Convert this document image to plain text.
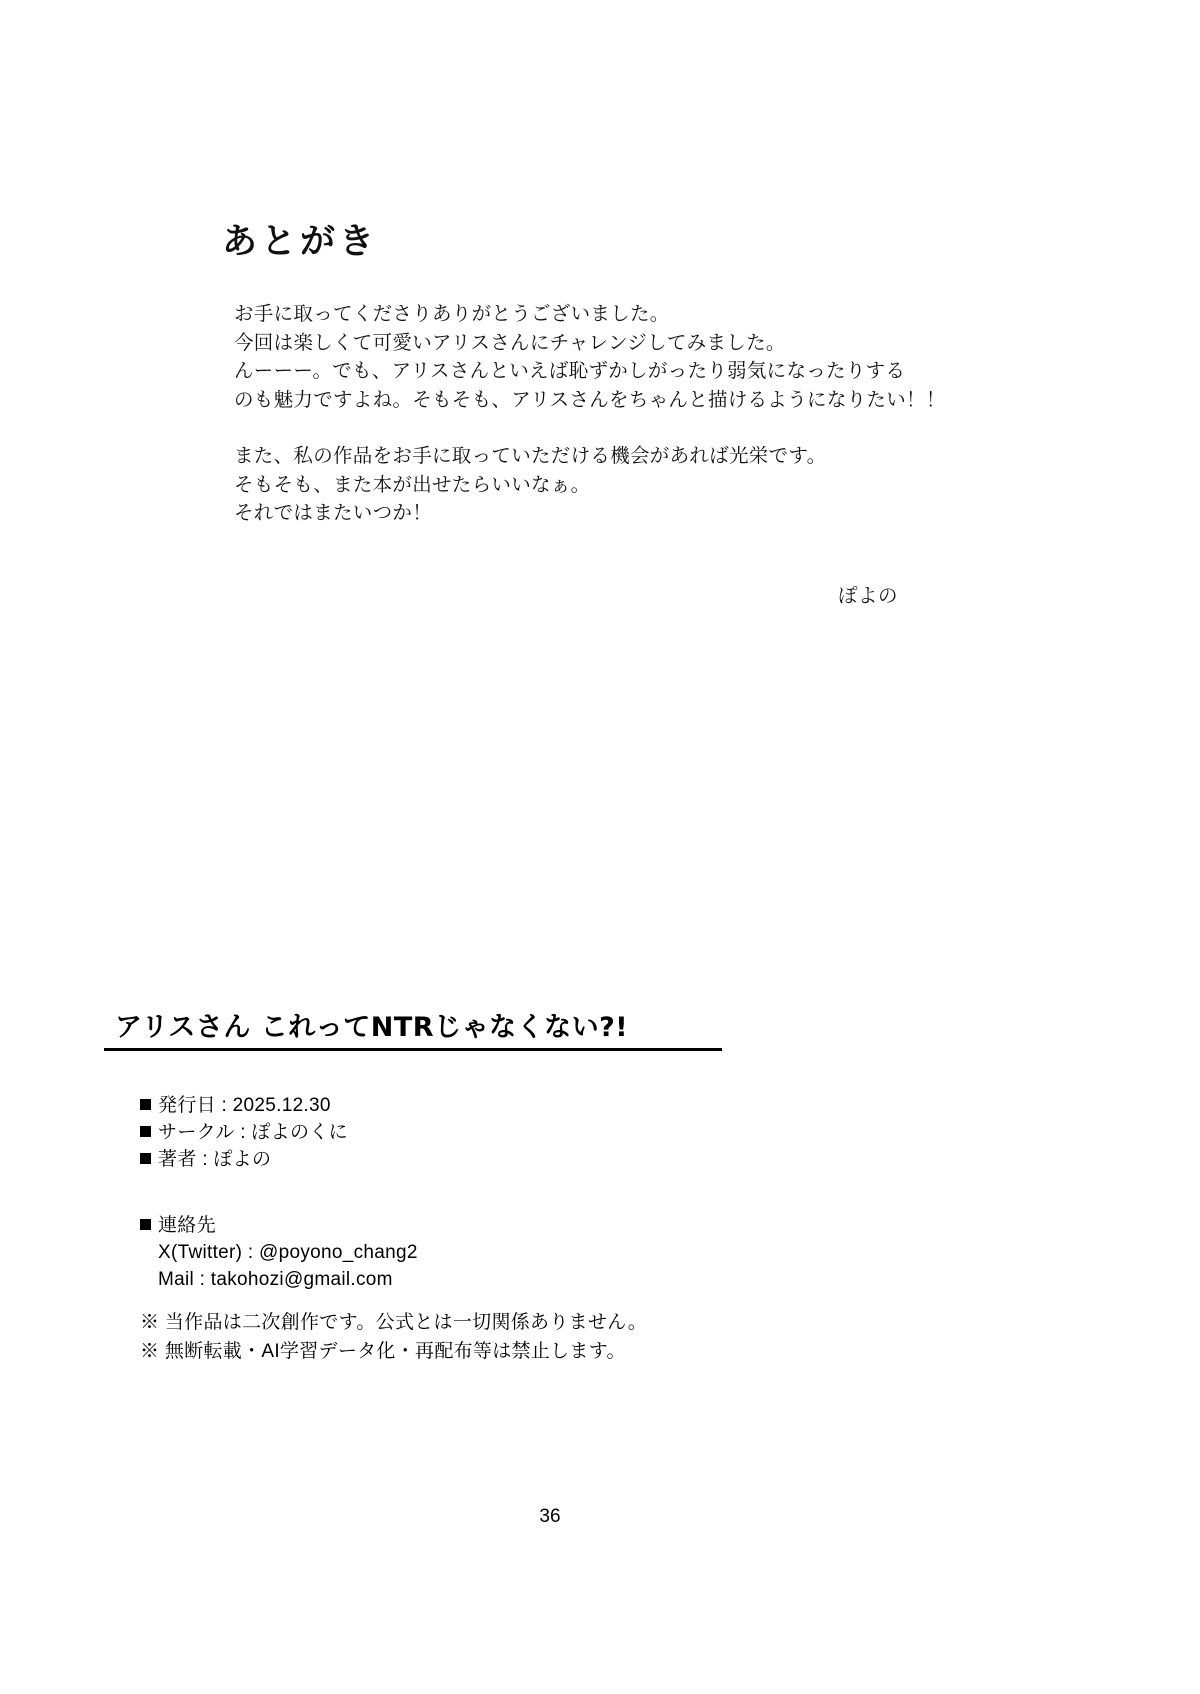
あとがき

お手に取ってくださりありがとうございました。

今回は楽しくて可愛いアリスさんにチャレンジしてみました。

んーーー。でも、アリスさんといえば恥ずかしがったり弱気になったりする

のも魅力ですよね。そもそも、アリスさんをちゃんと描けるようになりたい！！

また、私の作品をお手に取っていただける機会があれば光栄です。

そもそも、また本が出せたらいいなぁ。

それではまたいつか！

ぽよの
アリスさん これってNTRじゃなくない?!
発行日 : 2025.12.30
サークル : ぽよのくに
著者 : ぽよの
連絡先
X(Twitter) : @poyono_chang2
Mail : takohozi@gmail.com
※ 当作品は二次創作です。公式とは一切関係ありません。
※ 無断転載・AI学習データ化・再配布等は禁止します。
36
